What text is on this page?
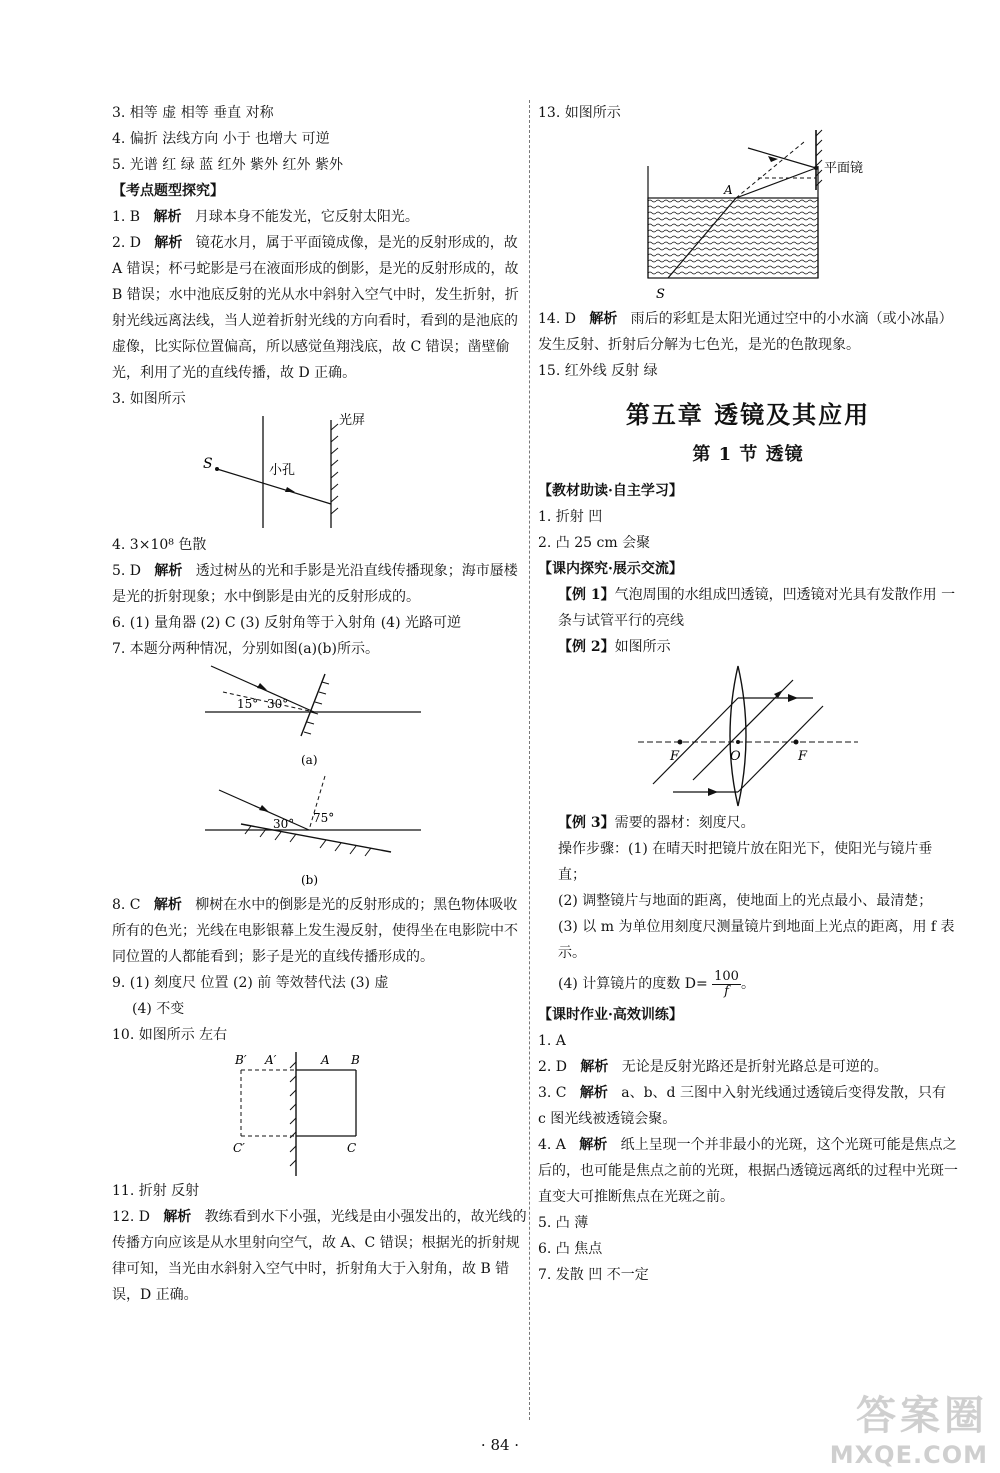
3. 相等 虚 相等 垂直 对称
4. 偏折 法线方向 小于 也增大 可逆
5. 光谱 红 绿 蓝 红外 紫外 红外 紫外
【考点题型探究】
1. B 解析 月球本身不能发光，它反射太阳光。
2. D 解析 镜花水月，属于平面镜成像，是光的反射形成的，故 A 错误；杯弓蛇影是弓在液面形成的倒影，是光的反射形成的，故 B 错误；水中池底反射的光从水中斜射入空气中时，发生折射，折射光线远离法线，当人逆着折射光线的方向看时，看到的是池底的虚像，比实际位置偏高，所以感觉鱼翔浅底，故 C 错误；凿壁偷光，利用了光的直线传播，故 D 正确。
3. 如图所示
S	小孔
光屏
4. 3×10⁸ 色散
5. D 解析 透过树丛的光和手影是光沿直线传播现象；海市蜃楼是光的折射现象；水中倒影是由光的反射形成的。
6. (1) 量角器 (2) C (3) 反射角等于入射角 (4) 光路可逆
7. 本题分两种情况，分别如图(a)(b)所示。
15° 30°
(a)
30° 75°
(b)
8. C 解析 柳树在水中的倒影是光的反射形成的；黑色物体吸收所有的色光；光线在电影银幕上发生漫反射，使得坐在电影院中不同位置的人都能看到；影子是光的直线传播形成的。
9. (1) 刻度尺 位置 (2) 前 等效替代法 (3) 虚
(4) 不变
10. 如图所示 左右
B′ A′	A B
C′	C
11. 折射 反射
12. D 解析 教练看到水下小强，光线是由小强发出的，故光线的传播方向应该是从水里射向空气，故 A、C 错误；根据光的折射规律可知，当光由水斜射入空气中时，折射角大于入射角，故 B 错误，D 正确。
13. 如图所示
平面镜
A
S
14. D 解析 雨后的彩虹是太阳光通过空中的小水滴（或小冰晶）发生反射、折射后分解为七色光，是光的色散现象。
15. 红外线 反射 绿
第五章 透镜及其应用
第 1 节 透镜
【教材助读·自主学习】
1. 折射 凹
2. 凸 25 cm 会聚
【课内探究·展示交流】
【例 1】气泡周围的水组成凹透镜，凹透镜对光具有发散作用 一条与试管平行的亮线
【例 2】如图所示
F	O	F
【例 3】需要的器材：刻度尺。
操作步骤：(1) 在晴天时把镜片放在阳光下，使阳光与镜片垂直；
(2) 调整镜片与地面的距离，使地面上的光点最小、最清楚；
(3) 以 m 为单位用刻度尺测量镜片到地面上光点的距离，用 f 表示。
(4) 计算镜片的度数 $D= \frac{100}{f}$ 。
【课时作业·高效训练】
1. A
2. D 解析 无论是反射光路还是折射光路总是可逆的。
3. C 解析 a、b、d 三图中入射光线通过透镜后变得发散，只有 c 图光线被透镜会聚。
4. A 解析 纸上呈现一个并非最小的光斑，这个光斑可能是焦点之后的，也可能是焦点之前的光斑，根据凸透镜远离纸的过程中光斑一直变大可推断焦点在光斑之前。
5. 凸 薄
6. 凸 焦点
7. 发散 凹 不一定
· 84 ·
答案圈
MXQE.COM
